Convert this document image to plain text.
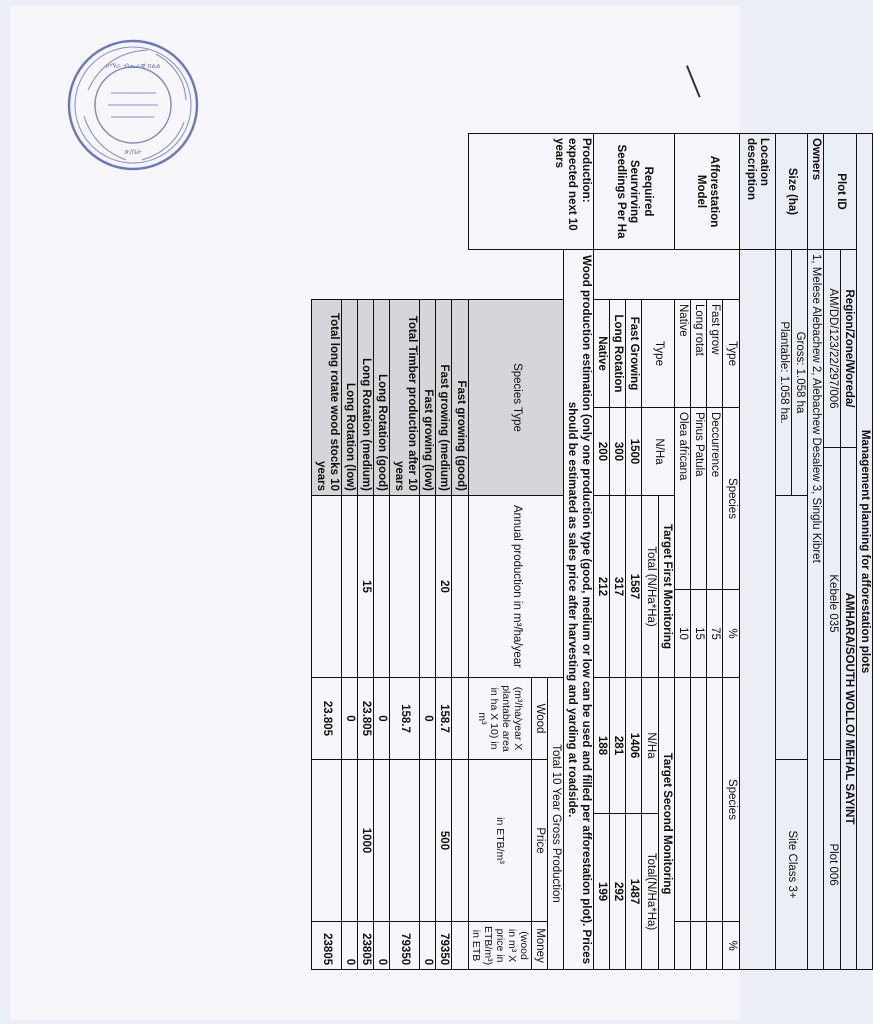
ዐማራ ብሔራዊ ክልል
ጽ/ቤት
Management planning for afforestation plots										
Plot ID	Region/Zone/Woreda/			AMHARA/SOUTH WOLLO/ MEHAL SAYINT						
	AM/DD/123/22/297/006			Kebele 035				Plot 006		
Owners	1, Melese Alebachew 2, Alebachew Desalew 3, Singlu Kibret									
Size (ha)	Gross: 1.058 ha							Site Class 3+		
	Plantable: 1.058 ha.									
Location description										
Afforestation Model		Type	Species			%	Species			%
		Fast grow	Deccurrence			75				
		Long rotat	Pinus Patula			15				
		Native	Olea africana			10				
Required Seurvirving Seedlings Per Ha		Type	N/Ha		Target First Monitoring		Target Second Monitoring			
					Total (N/Ha*Ha)		N/Ha		Total(N/Ha*Ha)	
		Fast Growing	1500		1587		1406		1487	
		Long Rotation	300		317		281		292	
		Native	200		212		188		199	
Production: expected next 10 years	Wood production estimation (only one production type (good, medium or low can be used and filled per afforestation plot). Prices should be estimated as sales price after harvesting and yarding at roadside.									
		Species Type			Annual production in m³/ha/year		Total 10 Year Gross Production			
							Wood	Price		Money
							(m³/ha/year X plantable area in ha X 10) in m³	in ETB/m³		(wood in m³ X price in ETB/m³) in ETB
		Fast growing (good)								
		Fast growing (medium)			20		158.7	500		79350
		Fast growing (low)					0			0
		Total Timber production after 10 years					158.7			79350
		Long Rotation (good)					0			0
		Long Rotation (medium)			15		23.805	1000		23805
		Long Rotation (low)					0			0
		Total long rotate wood stocks 10 years					23.805			23805
